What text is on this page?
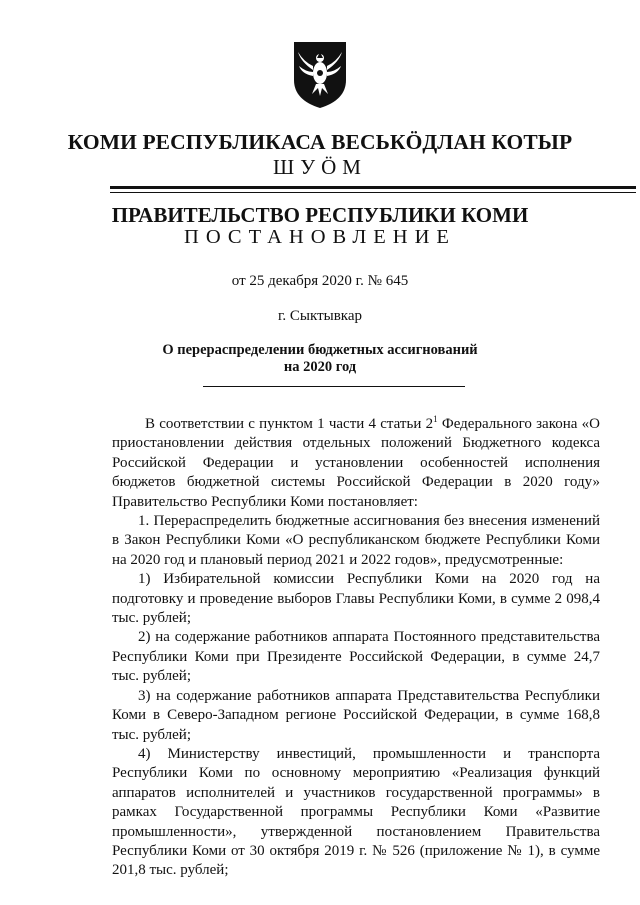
КОМИ РЕСПУБЛИКАСА ВЕСЬКӦДЛАН КОТЫР
ШУÖМ
ПРАВИТЕЛЬСТВО РЕСПУБЛИКИ КОМИ
ПОСТАНОВЛЕНИЕ
от 25 декабря 2020 г. № 645
г. Сыктывкар
О перераспределении бюджетных ассигнований
на 2020 год

В соответствии с пунктом 1 части 4 статьи $2^1$ Федерального закона «О приостановлении действия отдельных положений Бюджетного кодекса Российской Федерации и установлении особенностей исполнения бюджетов бюджетной системы Российской Федерации в 2020 году» Правительство Республики Коми постановляет:

1. Перераспределить бюджетные ассигнования без внесения изменений в Закон Республики Коми «О республиканском бюджете Республики Коми на 2020 год и плановый период 2021 и 2022 годов», предусмотренные:

1) Избирательной комиссии Республики Коми на 2020 год на подготовку и проведение выборов Главы Республики Коми, в сумме 2 098,4 тыс. рублей;

2) на содержание работников аппарата Постоянного представительства Республики Коми при Президенте Российской Федерации, в сумме 24,7 тыс. рублей;

3) на содержание работников аппарата Представительства Республики Коми в Северо-Западном регионе Российской Федерации, в сумме 168,8 тыс. рублей;

4) Министерству инвестиций, промышленности и транспорта Республики Коми по основному мероприятию «Реализация функций аппаратов исполнителей и участников государственной программы» в рамках Государственной программы Республики Коми «Развитие промышленности», утвержденной постановлением Правительства Республики Коми от 30 октября 2019 г. № 526 (приложение № 1), в сумме 201,8 тыс. рублей;
